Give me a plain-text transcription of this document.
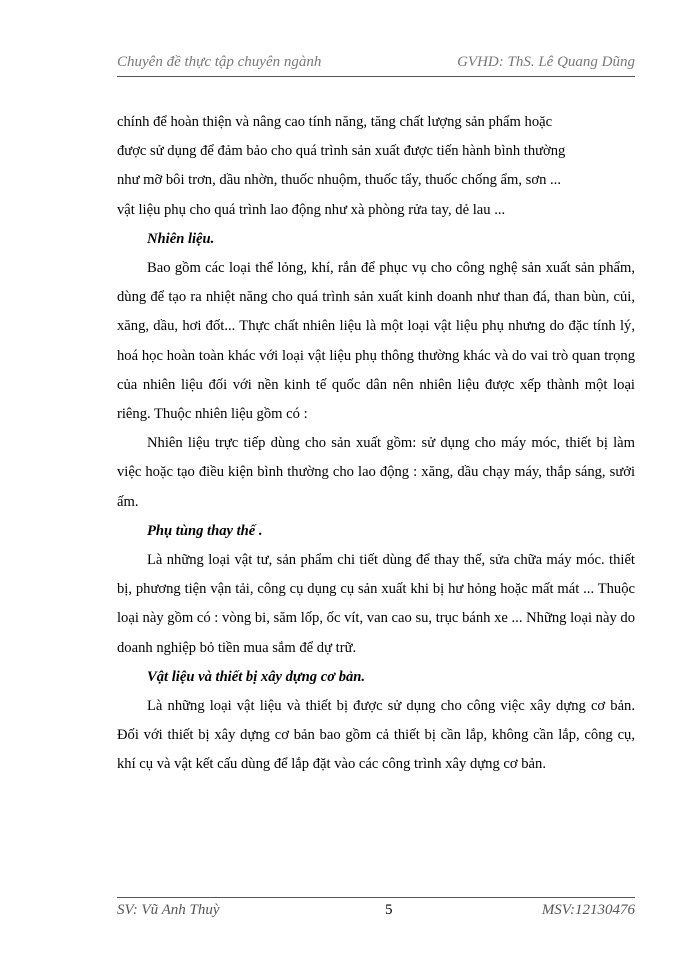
Chuyên đề thực tập chuyên ngành	GVHD: ThS. Lê Quang Dũng

chính để hoàn thiện và nâng cao tính năng, tăng chất lượng sản phẩm hoặc

được sử dụng để đảm bảo cho quá trình sản xuất được tiến hành bình thường

như mỡ bôi trơn, dầu nhờn, thuốc nhuộm, thuốc tẩy, thuốc chống ẩm, sơn ...

vật liệu phụ cho quá trình lao động như xà phòng rửa tay, dẻ lau ...

Nhiên liệu.

Bao gồm các loại thể lỏng, khí, rắn để phục vụ cho công nghệ sản xuất sản phẩm, dùng để tạo ra nhiệt năng cho quá trình sản xuất kinh doanh như than đá, than bùn, củi, xăng, dầu, hơi đốt... Thực chất nhiên liệu là một loại vật liệu phụ nhưng do đặc tính lý, hoá học hoàn toàn khác với loại vật liệu phụ thông thường khác và do vai trò quan trọng của nhiên liệu đối với nền kinh tế quốc dân nên nhiên liệu được xếp thành một loại riêng. Thuộc nhiên liệu gồm có :

Nhiên liệu trực tiếp dùng cho sản xuất gồm: sử dụng cho máy móc, thiết bị làm việc hoặc tạo điều kiện bình thường cho lao động : xăng, dầu chạy máy, thắp sáng, sưởi ấm.

Phụ tùng thay thế .

Là những loại vật tư, sản phẩm chi tiết dùng để thay thế, sửa chữa máy móc. thiết bị, phương tiện vận tải, công cụ dụng cụ sản xuất khi bị hư hỏng hoặc mất mát ... Thuộc loại này gồm có : vòng bi, săm lốp, ốc vít, van cao su, trục bánh xe ... Những loại này do doanh nghiệp bỏ tiền mua sắm để dự trữ.

Vật liệu và thiết bị xây dựng cơ bản.

Là những loại vật liệu và thiết bị được sử dụng cho công việc xây dựng cơ bản. Đối với thiết bị xây dựng cơ bản bao gồm cả thiết bị cần lắp, không cần lắp, công cụ, khí cụ và vật kết cấu dùng để lắp đặt vào các công trình xây dựng cơ bản.

SV: Vũ Anh Thuỳ	5	MSV:12130476
